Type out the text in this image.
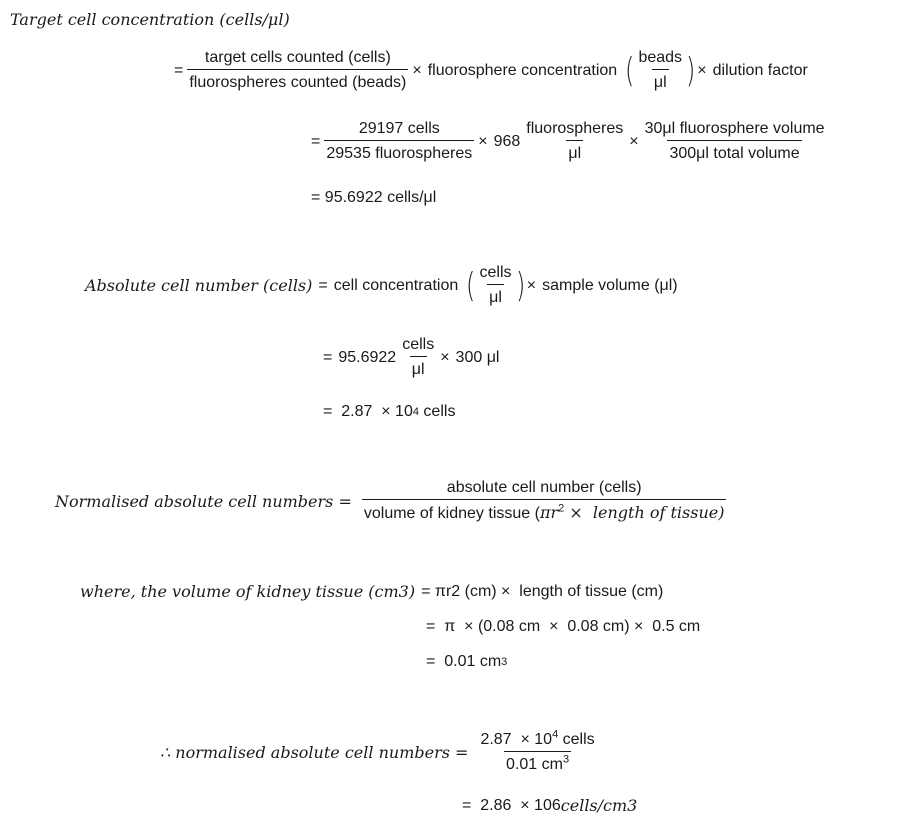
Target cell concentration (cells/μl)
= $\frac{\text{target cells counted (cells)}}{\text{fluorospheres counted (beads)}}$ × fluorosphere concentration ( $\frac{\text{beads}}{\mu l}$ ) × dilution factor
= $\frac{\text{29197 cells}}{\text{29535 fluorospheres}} \times 968 \frac{\text{fluorospheres}}{\mu l} \times \frac{\text{30μl fluorosphere volume}}{\text{300μl total volume}}$
= 95.6922 cells/μl
Absolute cell number (cells) = cell concentration ( $\frac{\text{cells}}{\mu l}$ ) × sample volume (μl)
= $95.6922 \frac{\text{cells}}{\mu l} \times 300$ μl
=  2.87  × 10 4 cells
Normalised absolute cell numbers = $\frac{\text{absolute cell number (cells)}}{volume of kidney tissue (\pi r^2 \times length of tissue)}$
where, the volume of kidney tissue (cm 3 ) = πr 2 (cm) ×  length of tissue (cm)
=  π  × (0.08 cm  ×  0.08 cm) ×  0.5 cm
=  0.01 cm 3
∴ normalised absolute cell numbers = $\frac{2.87 \times 10^4 cells}{0.01 cm^3}$
=  2.86  × 10 6 cells/cm 3
